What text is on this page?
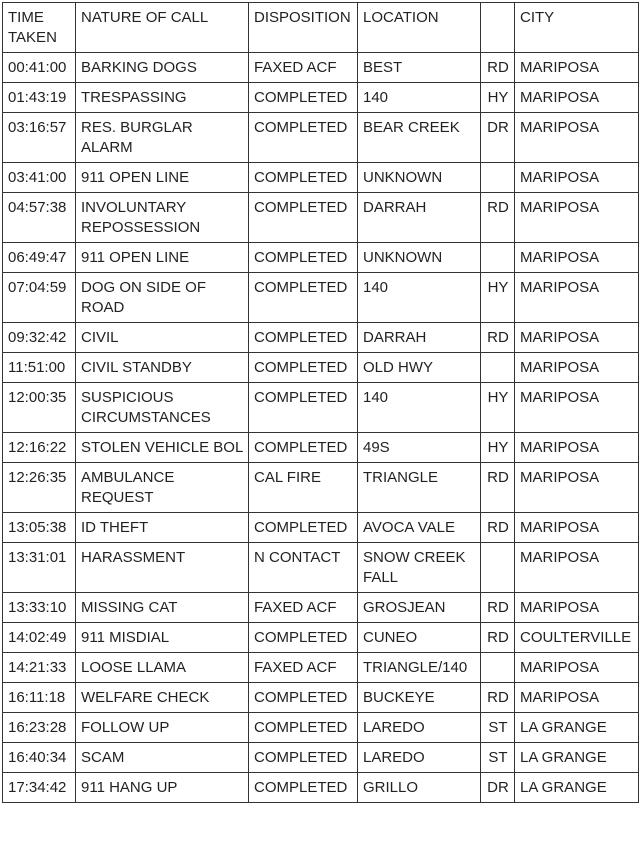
TIME TAKEN	NATURE OF CALL	DISPOSITION	LOCATION		CITY
00:41:00	BARKING DOGS	FAXED ACF	BEST	RD	MARIPOSA
01:43:19	TRESPASSING	COMPLETED	140	HY	MARIPOSA
03:16:57	RES. BURGLAR ALARM	COMPLETED	BEAR CREEK	DR	MARIPOSA
03:41:00	911 OPEN LINE	COMPLETED	UNKNOWN		MARIPOSA
04:57:38	INVOLUNTARY REPOSSESSION	COMPLETED	DARRAH	RD	MARIPOSA
06:49:47	911 OPEN LINE	COMPLETED	UNKNOWN		MARIPOSA
07:04:59	DOG ON SIDE OF ROAD	COMPLETED	140	HY	MARIPOSA
09:32:42	CIVIL	COMPLETED	DARRAH	RD	MARIPOSA
11:51:00	CIVIL STANDBY	COMPLETED	OLD HWY		MARIPOSA
12:00:35	SUSPICIOUS CIRCUMSTANCES	COMPLETED	140	HY	MARIPOSA
12:16:22	STOLEN VEHICLE BOL	COMPLETED	49S	HY	MARIPOSA
12:26:35	AMBULANCE REQUEST	CAL FIRE	TRIANGLE	RD	MARIPOSA
13:05:38	ID THEFT	COMPLETED	AVOCA VALE	RD	MARIPOSA
13:31:01	HARASSMENT	N CONTACT	SNOW CREEK FALL		MARIPOSA
13:33:10	MISSING CAT	FAXED ACF	GROSJEAN	RD	MARIPOSA
14:02:49	911 MISDIAL	COMPLETED	CUNEO	RD	COULTERVILLE
14:21:33	LOOSE LLAMA	FAXED ACF	TRIANGLE/140		MARIPOSA
16:11:18	WELFARE CHECK	COMPLETED	BUCKEYE	RD	MARIPOSA
16:23:28	FOLLOW UP	COMPLETED	LAREDO	ST	LA GRANGE
16:40:34	SCAM	COMPLETED	LAREDO	ST	LA GRANGE
17:34:42	911 HANG UP	COMPLETED	GRILLO	DR	LA GRANGE
